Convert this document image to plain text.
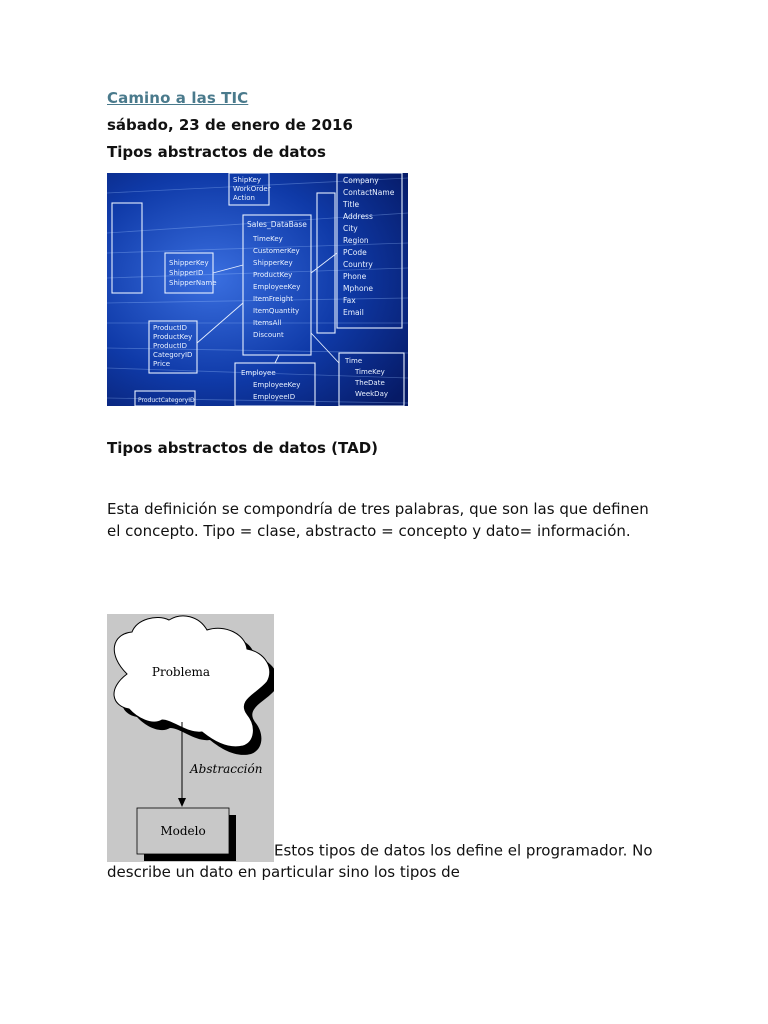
Camino a las TIC
sábado, 23 de enero de 2016
Tipos abstractos de datos
ProductID
ProductKey
ProductID
CategoryID
Price
ShipperKey
ShipperID
ShipperName
ShipKey
WorkOrder
Action
Sales_DataBase
TimeKey
CustomerKey
ShipperKey
ProductKey
EmployeeKey
ItemFreight
ItemQuantity
ItemsAll
Discount
Company
ContactName
Title
Address
City
Region
PCode
Country
Phone
Mphone
Fax
Email
Employee
EmployeeKey
EmployeeID
Time
TimeKey
TheDate
WeekDay
ProductCategoryID
Tipos abstractos de datos (TAD)
Esta definición se compondría de tres palabras, que son las que definen el concepto. Tipo = clase, abstracto = concepto y dato= información.
Problema
Abstracción
Modelo
Estos tipos de datos los define el programador. No describe un dato en particular sino los tipos de
